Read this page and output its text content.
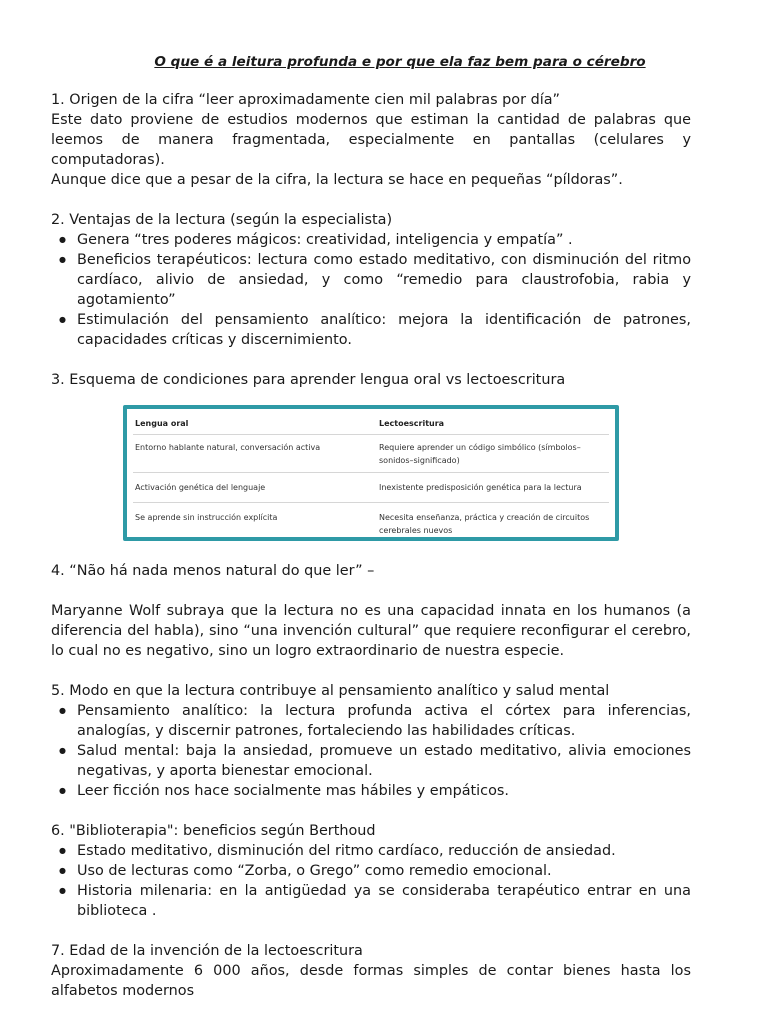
O que é a leitura profunda e por que ela faz bem para o cérebro

1. Origen de la cifra “leer aproximadamente cien mil palabras por día”

Este dato proviene de estudios modernos que estiman la cantidad de palabras que

leemos de manera fragmentada, especialmente en pantallas (celulares y computadoras).

Aunque dice que a pesar de la cifra, la lectura se hace en pequeñas “píldoras”.

2. Ventajas de la lectura (según la especialista)

● Genera “tres poderes mágicos: creatividad, inteligencia y empatía” .
● Beneficios terapéuticos: lectura como estado meditativo, con disminución del ritmo cardíaco, alivio de ansiedad, y como “remedio para claustrofobia, rabia y agotamiento”
● Estimulación del pensamiento analítico: mejora la identificación de patrones, capacidades críticas y discernimiento.

3. Esquema de condiciones para aprender lengua oral vs lectoescritura

Lengua oral	Lectoescritura
Entorno hablante natural, conversación activa	Requiere aprender un código simbólico (símbolos–sonidos–significado)
Activación genética del lenguaje	Inexistente predisposición genética para la lectura
Se aprende sin instrucción explícita	Necesita enseñanza, práctica y creación de circuitos cerebrales nuevos

4. “Não há nada menos natural do que ler” –

Maryanne Wolf subraya que la lectura no es una capacidad innata en los humanos (a diferencia del habla), sino “una invención cultural” que requiere reconfigurar el cerebro, lo cual no es negativo, sino un logro extraordinario de nuestra especie.

5. Modo en que la lectura contribuye al pensamiento analítico y salud mental

● Pensamiento analítico: la lectura profunda activa el córtex para inferencias, analogías, y discernir patrones, fortaleciendo las habilidades críticas.
● Salud mental: baja la ansiedad, promueve un estado meditativo, alivia emociones negativas, y aporta bienestar emocional.
● Leer ficción nos hace socialmente mas hábiles y empáticos.

6. "Biblioterapia": beneficios según Berthoud

● Estado meditativo, disminución del ritmo cardíaco, reducción de ansiedad.
● Uso de lecturas como “Zorba, o Grego” como remedio emocional.
● Historia milenaria: en la antigüedad ya se consideraba terapéutico entrar en una biblioteca .

7. Edad de la invención de la lectoescritura

Aproximadamente 6 000 años, desde formas simples de contar bienes hasta los alfabetos modernos
